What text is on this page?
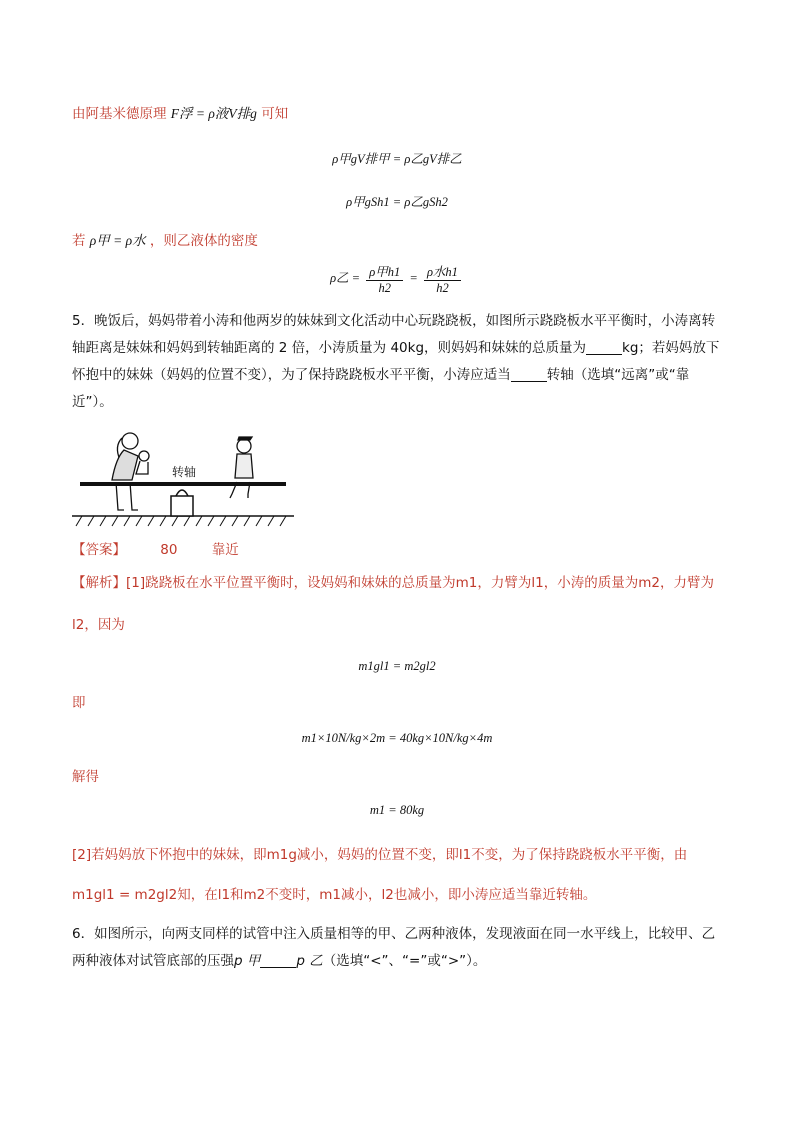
由阿基米德原理 F浮 = ρ液V排g 可知
ρ甲gV排甲 = ρ乙gV排乙
ρ甲gSh1 = ρ乙gSh2
若 ρ甲 = ρ水 ，则乙液体的密度
ρ乙 = $\frac{\text{ρ甲h1}}{h2} = \frac{\text{ρ水h1}}{h2}$
5．晚饭后，妈妈带着小涛和他两岁的妹妹到文化活动中心玩跷跷板，如图所示跷跷板水平平衡时，小涛离转轴距离是妹妹和妈妈到转轴距离的 2 倍，小涛质量为 40kg，则妈妈和妹妹的总质量为	kg；若妈妈放下怀抱中的妹妹（妈妈的位置不变），为了保持跷跷板水平平衡，小涛应适当	转轴（选填“远离”或“靠近”）。
转轴
【答案】	80	靠近
【解析】[1]跷跷板在水平位置平衡时，设妈妈和妹妹的总质量为m1，力臂为l1，小涛的质量为m2，力臂为
l2，因为
m1gl1 = m2gl2
即
m1×10N/kg×2m = 40kg×10N/kg×4m
解得
m1 = 80kg
[2]若妈妈放下怀抱中的妹妹，即m1g减小，妈妈的位置不变，即l1不变，为了保持跷跷板水平平衡，由
m1gl1 = m2gl2知，在l1和m2不变时，m1减小，l2也减小，即小涛应适当靠近转轴。
6．如图所示，向两支同样的试管中注入质量相等的甲、乙两种液体，发现液面在同一水平线上，比较甲、乙两种液体对试管底部的压强p 甲	p 乙（选填“<”、“=”或“>”）。
